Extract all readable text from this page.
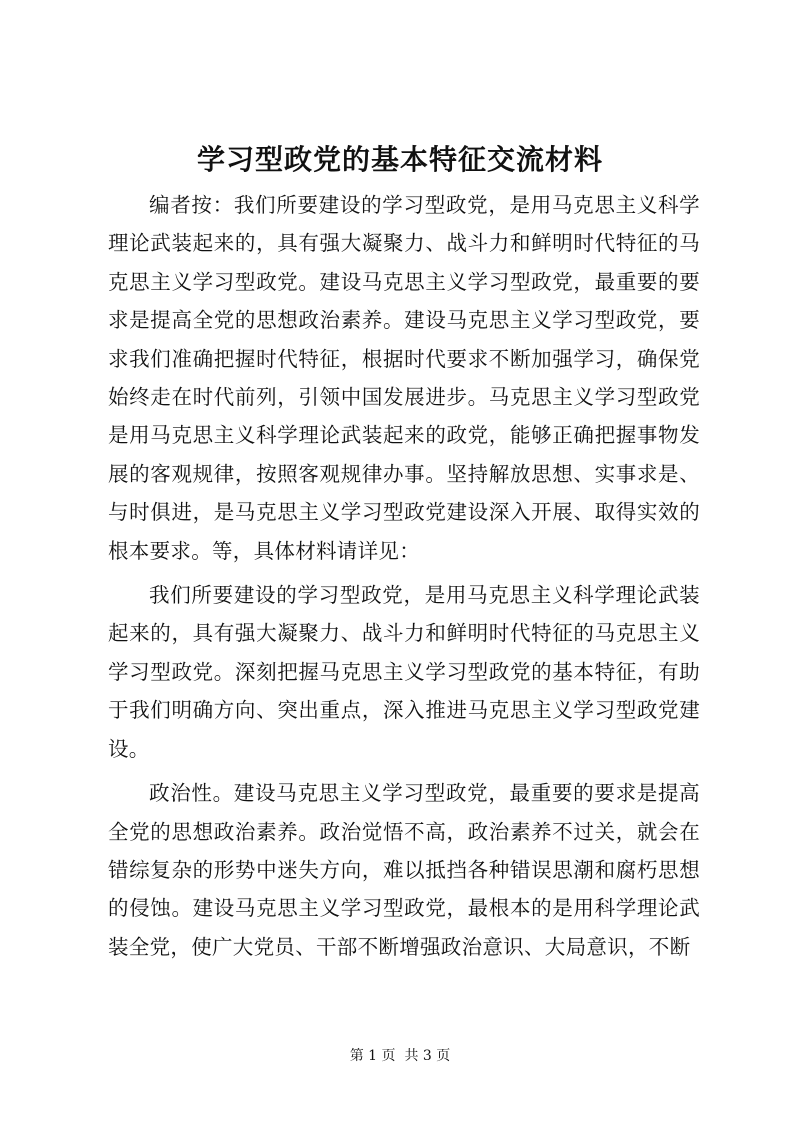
学习型政党的基本特征交流材料

编者按：我们所要建设的学习型政党，是用马克思主义科学理论武装起来的，具有强大凝聚力、战斗力和鲜明时代特征的马克思主义学习型政党。建设马克思主义学习型政党，最重要的要求是提高全党的思想政治素养。建设马克思主义学习型政党，要求我们准确把握时代特征，根据时代要求不断加强学习，确保党始终走在时代前列，引领中国发展进步。马克思主义学习型政党是用马克思主义科学理论武装起来的政党，能够正确把握事物发展的客观规律，按照客观规律办事。坚持解放思想、实事求是、与时俱进，是马克思主义学习型政党建设深入开展、取得实效的根本要求。等，具体材料请详见：

我们所要建设的学习型政党，是用马克思主义科学理论武装起来的，具有强大凝聚力、战斗力和鲜明时代特征的马克思主义学习型政党。深刻把握马克思主义学习型政党的基本特征，有助于我们明确方向、突出重点，深入推进马克思主义学习型政党建设。

政治性。建设马克思主义学习型政党，最重要的要求是提高全党的思想政治素养。政治觉悟不高，政治素养不过关，就会在错综复杂的形势中迷失方向，难以抵挡各种错误思潮和腐朽思想的侵蚀。建设马克思主义学习型政党，最根本的是用科学理论武装全党，使广大党员、干部不断增强政治意识、大局意识，不断

第 1 页  共 3 页
